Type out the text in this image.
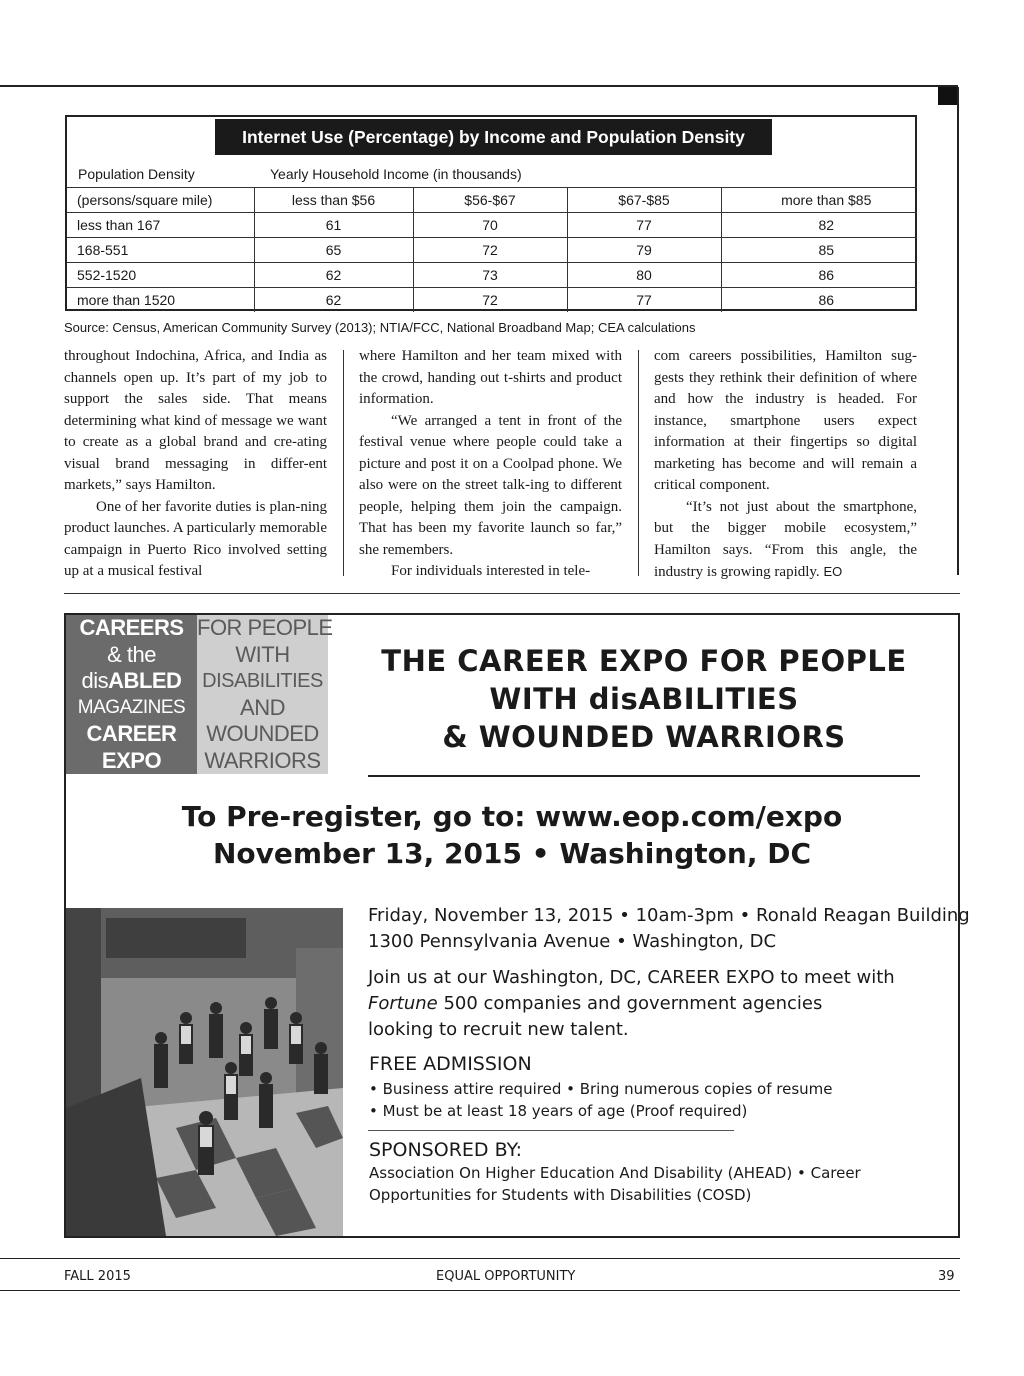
Internet Use (Percentage) by Income and Population Density
Population Density	Yearly Household Income (in thousands)
(persons/square mile)	less than $56	$56-$67	$67-$85	more than $85
less than 167	61	70	77	82
168-551	65	72	79	85
552-1520	62	73	80	86
more than 1520	62	72	77	86
Source: Census, American Community Survey (2013); NTIA/FCC, National Broadband Map; CEA calculations

throughout Indochina, Africa, and India as channels open up. It’s part of my job to support the sales side. That means determining what kind of message we want to create as a global brand and cre-ating visual brand messaging in differ-ent markets,” says Hamilton.

One of her favorite duties is plan-ning product launches. A particularly memorable campaign in Puerto Rico involved setting up at a musical festival

where Hamilton and her team mixed with the crowd, handing out t-shirts and product information.

“We arranged a tent in front of the festival venue where people could take a picture and post it on a Coolpad phone. We also were on the street talk-ing to different people, helping them join the campaign. That has been my favorite launch so far,” she remembers.

For individuals interested in tele-

com careers possibilities, Hamilton sug-gests they rethink their definition of where and how the industry is headed. For instance, smartphone users expect information at their fingertips so digital marketing has become and will remain a critical component.

“It’s not just about the smartphone, but the bigger mobile ecosystem,” Hamilton says. “From this angle, the industry is growing rapidly. EO

CAREERS
& the
disABLED
MAGAZINES
CAREER
EXPO
FOR PEOPLE
WITH
DISABILITIES
AND
WOUNDED
WARRIORS
THE CAREER EXPO FOR PEOPLE
WITH disABILITIES
& WOUNDED WARRIORS
To Pre-register, go to: www.eop.com/expo
November 13, 2015 • Washington, DC
Friday, November 13, 2015 • 10am-3pm • Ronald Reagan Building
1300 Pennsylvania Avenue • Washington, DC
Join us at our Washington, DC, CAREER EXPO to meet with
Fortune 500 companies and government agencies
looking to recruit new talent.
FREE ADMISSION
• Business attire required • Bring numerous copies of resume
• Must be at least 18 years of age (Proof required)
SPONSORED BY:
Association On Higher Education And Disability (AHEAD) • Career
Opportunities for Students with Disabilities (COSD)
FALL 2015	EQUAL OPPORTUNITY	39
